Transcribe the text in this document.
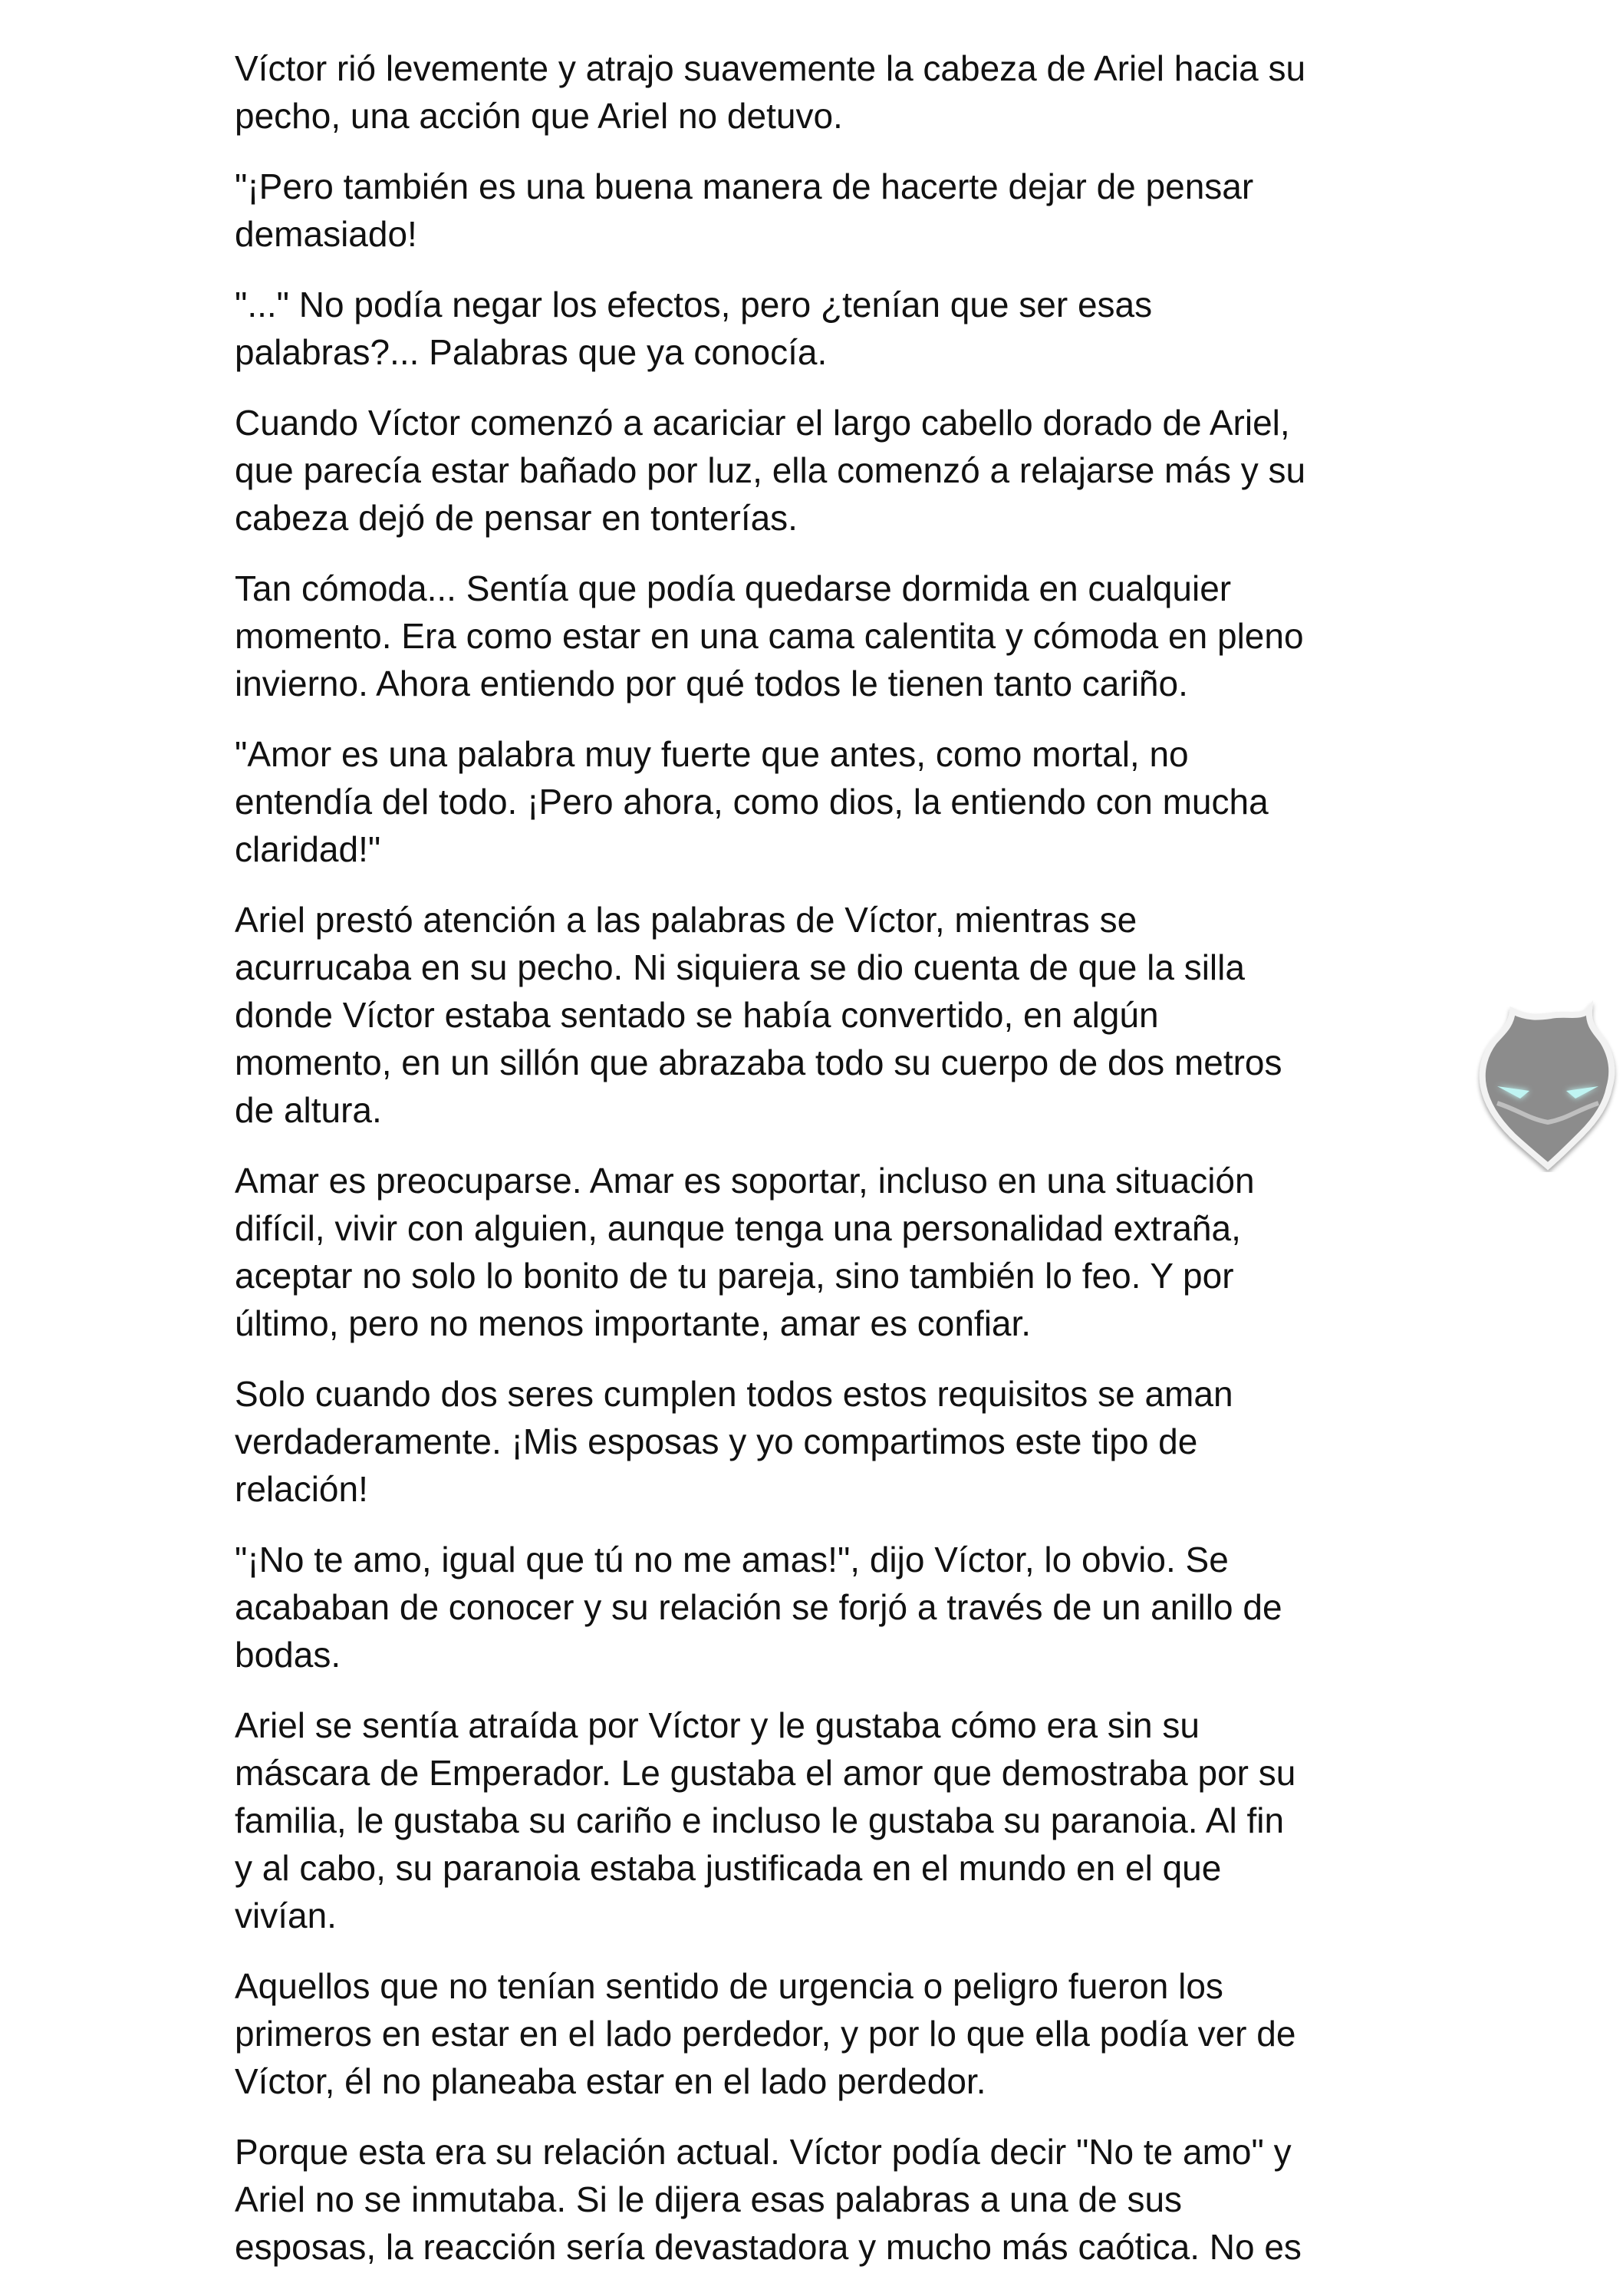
Víctor rió levemente y atrajo suavemente la cabeza de Ariel hacia su
pecho, una acción que Ariel no detuvo.

"¡Pero también es una buena manera de hacerte dejar de pensar
demasiado!

"..." No podía negar los efectos, pero ¿tenían que ser esas
palabras?... Palabras que ya conocía.

Cuando Víctor comenzó a acariciar el largo cabello dorado de Ariel,
que parecía estar bañado por luz, ella comenzó a relajarse más y su
cabeza dejó de pensar en tonterías.

Tan cómoda... Sentía que podía quedarse dormida en cualquier
momento. Era como estar en una cama calentita y cómoda en pleno
invierno. Ahora entiendo por qué todos le tienen tanto cariño.

"Amor es una palabra muy fuerte que antes, como mortal, no
entendía del todo. ¡Pero ahora, como dios, la entiendo con mucha
claridad!"

Ariel prestó atención a las palabras de Víctor, mientras se
acurrucaba en su pecho. Ni siquiera se dio cuenta de que la silla
donde Víctor estaba sentado se había convertido, en algún
momento, en un sillón que abrazaba todo su cuerpo de dos metros
de altura.

Amar es preocuparse. Amar es soportar, incluso en una situación
difícil, vivir con alguien, aunque tenga una personalidad extraña,
aceptar no solo lo bonito de tu pareja, sino también lo feo. Y por
último, pero no menos importante, amar es confiar.

Solo cuando dos seres cumplen todos estos requisitos se aman
verdaderamente. ¡Mis esposas y yo compartimos este tipo de
relación!

"¡No te amo, igual que tú no me amas!", dijo Víctor, lo obvio. Se
acababan de conocer y su relación se forjó a través de un anillo de
bodas.

Ariel se sentía atraída por Víctor y le gustaba cómo era sin su
máscara de Emperador. Le gustaba el amor que demostraba por su
familia, le gustaba su cariño e incluso le gustaba su paranoia. Al fin
y al cabo, su paranoia estaba justificada en el mundo en el que
vivían.

Aquellos que no tenían sentido de urgencia o peligro fueron los
primeros en estar en el lado perdedor, y por lo que ella podía ver de
Víctor, él no planeaba estar en el lado perdedor.

Porque esta era su relación actual. Víctor podía decir "No te amo" y
Ariel no se inmutaba. Si le dijera esas palabras a una de sus
esposas, la reacción sería devastadora y mucho más caótica. No es
